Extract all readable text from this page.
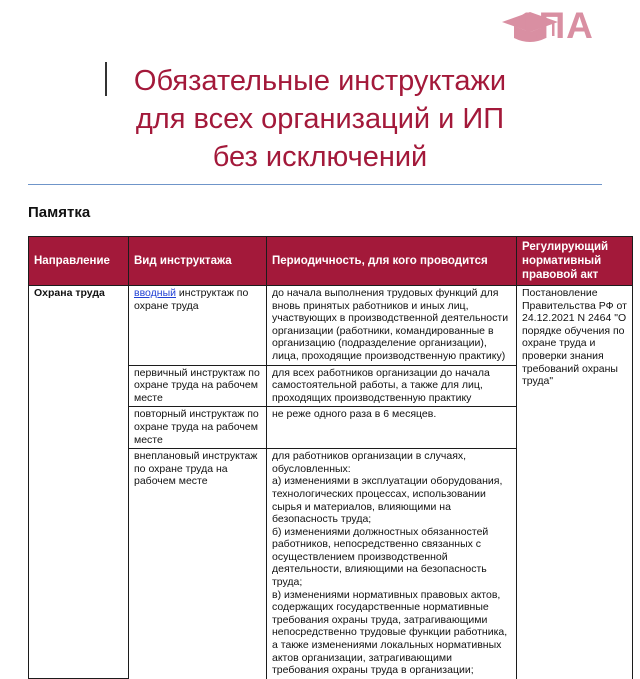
1ПА
Обязательные инструктажи
для всех организаций и ИП
без исключений
Памятка
Направление	Вид инструктажа	Периодичность, для кого проводится	Регулирующий нормативный правовой акт
Охрана труда	вводный инструктаж по охране труда	до начала выполнения трудовых функций для вновь принятых работников и иных лиц, участвующих в производственной деятельности организации (работники, командированные в организацию (подразделение организации), лица, проходящие производственную практику)	Постановление Правительства РФ от 24.12.2021 N 2464 "О порядке обучения по охране труда и проверки знания требований охраны труда"
	первичный инструктаж по охране труда на рабочем месте	для всех работников организации до начала самостоятельной работы, а также для лиц, проходящих производственную практику	
	повторный инструктаж по охране труда на рабочем месте	не реже одного раза в 6 месяцев.	
	внеплановый инструктаж по охране труда на рабочем месте	для работников организации в случаях, обусловленных:
а) изменениями в эксплуатации оборудования, технологических процессах, использовании сырья и материалов, влияющими на безопасность труда;
б) изменениями должностных обязанностей работников, непосредственно связанных с осуществлением производственной деятельности, влияющими на безопасность труда;
в) изменениями нормативных правовых актов, содержащих государственные нормативные требования охраны труда, затрагивающими непосредственно трудовые функции работника, а также изменениями локальных нормативных актов организации, затрагивающими требования охраны труда в организации;	
